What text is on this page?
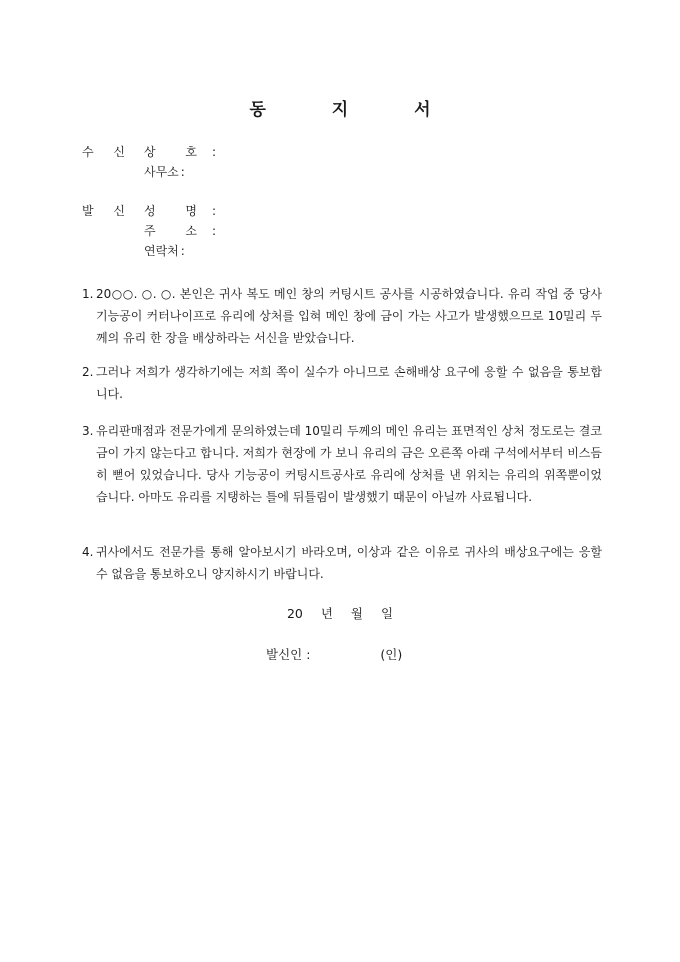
동 지 서
수 신 상 호 :
사무소 :
발 신 성 명 :
주 소 :
연락처 :
1. 20○○. ○. ○. 본인은 귀사 복도 메인 창의 커팅시트 공사를 시공하였습니다. 유리 작업 중 당사 기능공이 커터나이프로 유리에 상처를 입혀 메인 창에 금이 가는 사고가 발생했으므로 10밀리 두께의 유리 한 장을 배상하라는 서신을 받았습니다.
2. 그러나 저희가 생각하기에는 저희 쪽이 실수가 아니므로 손해배상 요구에 응할 수 없음을 통보합니다.
3. 유리판매점과 전문가에게 문의하였는데 10밀리 두께의 메인 유리는 표면적인 상처 정도로는 결코 금이 가지 않는다고 합니다. 저희가 현장에 가 보니 유리의 금은 오른쪽 아래 구석에서부터 비스듬히 뻗어 있었습니다. 당사 기능공이 커팅시트공사로 유리에 상처를 낸 위치는 유리의 위쪽뿐이었습니다. 아마도 유리를 지탱하는 틀에 뒤틀림이 발생했기 때문이 아닐까 사료됩니다.
4. 귀사에서도 전문가를 통해 알아보시기 바라오며, 이상과 같은 이유로 귀사의 배상요구에는 응할 수 없음을 통보하오니 양지하시기 바랍니다.
20 년 월 일
발신인 :	(인)
